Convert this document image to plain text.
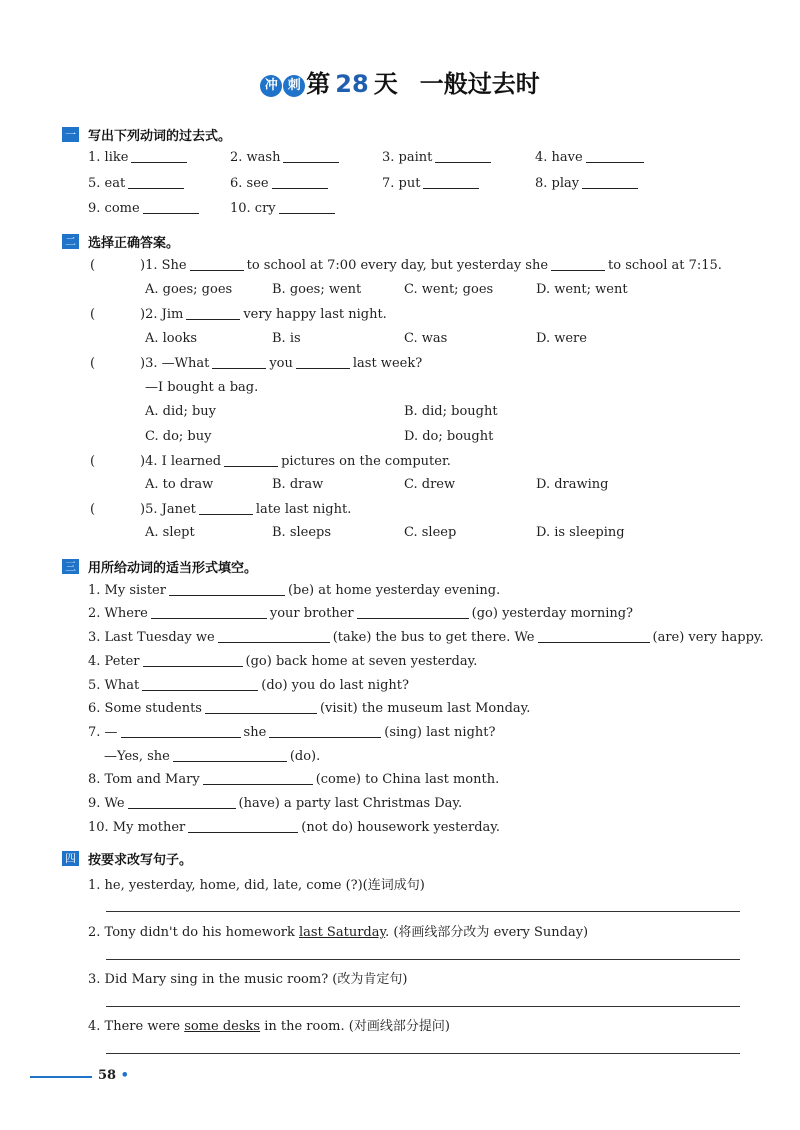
冲 刺 第 28 天 一般过去时
一 写出下列动词的过去式。
1. like	2. wash	3. paint	4. have
5. eat	6. see	7. put	8. play
9. come	10. cry
二 选择正确答案。
(	)1. She	to school at 7:00 every day, but yesterday she	to school at 7:15.
A. goes; goes	B. goes; went	C. went; goes	D. went; went
(	)2. Jim	very happy last night.
A. looks	B. is	C. was	D. were
(	)3. —What	you	last week?
—I bought a bag.
A. did; buy	B. did; bought
C. do; buy	D. do; bought
(	)4. I learned	pictures on the computer.
A. to draw	B. draw	C. drew	D. drawing
(	)5. Janet	late last night.
A. slept	B. sleeps	C. sleep	D. is sleeping
三 用所给动词的适当形式填空。
1. My sister	(be) at home yesterday evening.
2. Where	your brother	(go) yesterday morning?
3. Last Tuesday we	(take) the bus to get there. We	(are) very happy.
4. Peter	(go) back home at seven yesterday.
5. What	(do) you do last night?
6. Some students	(visit) the museum last Monday.
7. —	she	(sing) last night?
—Yes, she	(do).
8. Tom and Mary	(come) to China last month.
9. We	(have) a party last Christmas Day.
10. My mother	(not do) housework yesterday.
四 按要求改写句子。
1. he, yesterday, home, did, late, come (?)(连词成句)
2. Tony didn't do his homework last Saturday. (将画线部分改为 every Sunday)
3. Did Mary sing in the music room? (改为肯定句)
4. There were some desks in the room. (对画线部分提问)
58 •
